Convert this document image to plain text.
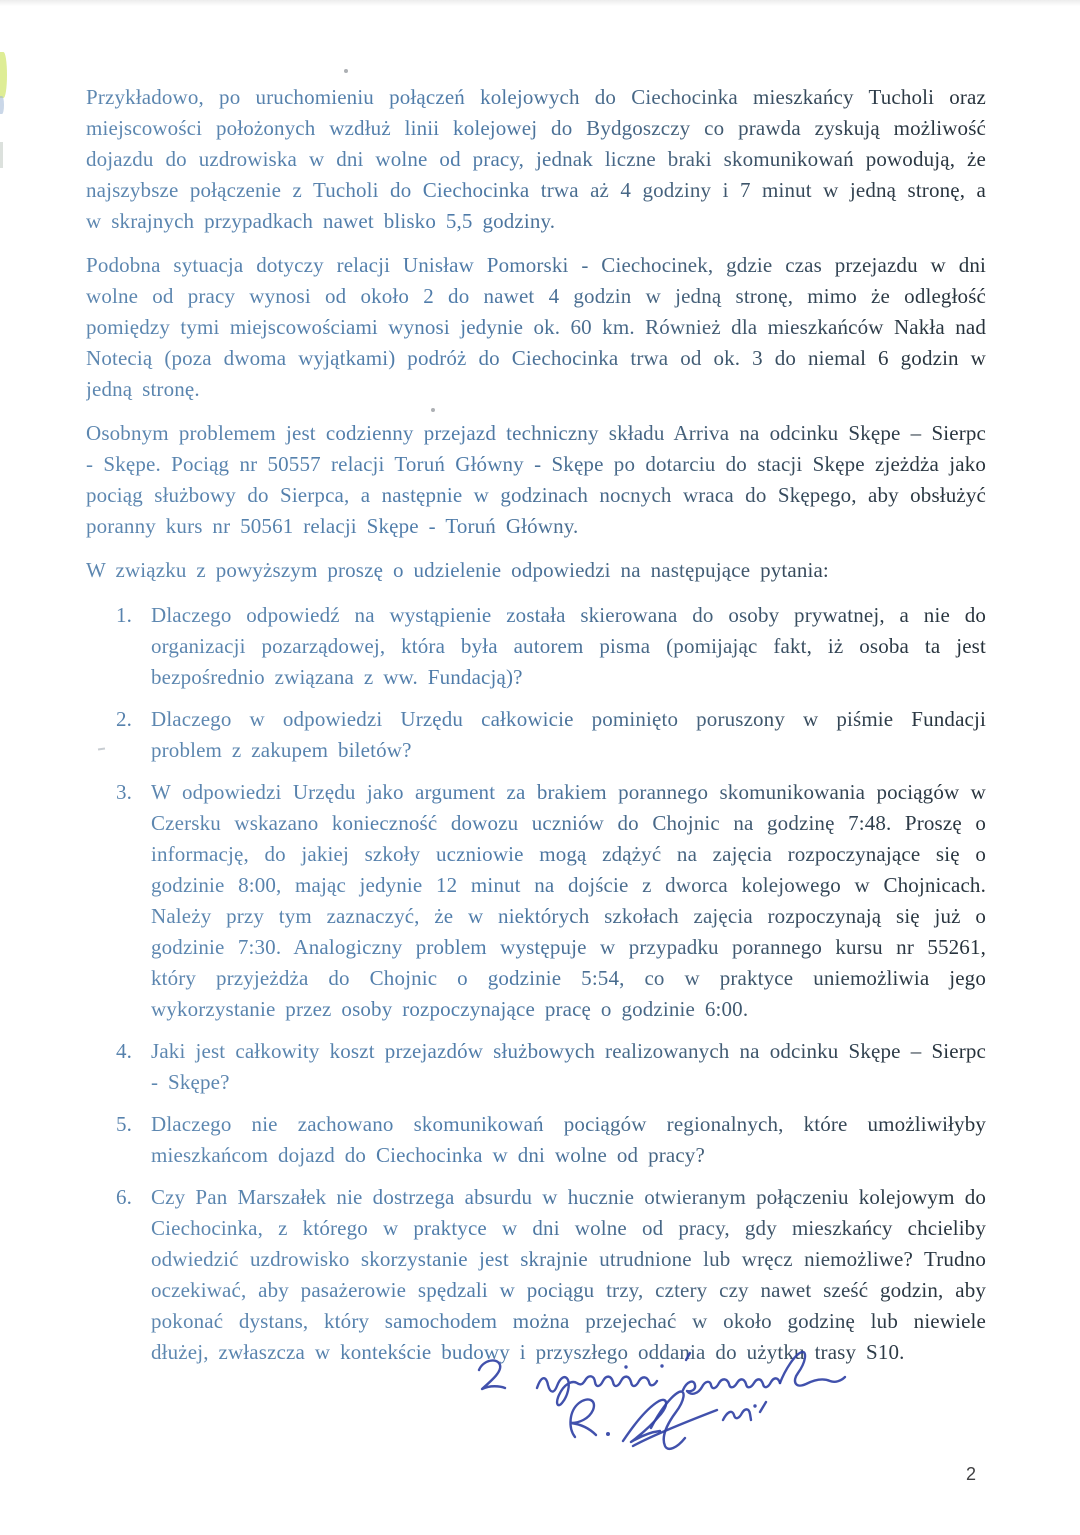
Przykładowo, po uruchomieniu połączeń kolejowych do Ciechocinka mieszkańcy Tucholi oraz miejscowości położonych wzdłuż linii kolejowej do Bydgoszczy co prawda zyskują możliwość dojazdu do uzdrowiska w dni wolne od pracy, jednak liczne braki skomunikowań powodują, że najszybsze połączenie z Tucholi do Ciechocinka trwa aż 4 godziny i 7 minut w jedną stronę, a w skrajnych przypadkach nawet blisko 5,5 godziny.

Podobna sytuacja dotyczy relacji Unisław Pomorski - Ciechocinek, gdzie czas przejazdu w dni wolne od pracy wynosi od około 2 do nawet 4 godzin w jedną stronę, mimo że odległość pomiędzy tymi miejscowościami wynosi jedynie ok. 60 km. Również dla mieszkańców Nakła nad Notecią (poza dwoma wyjątkami) podróż do Ciechocinka trwa od ok. 3 do niemal 6 godzin w jedną stronę.

Osobnym problemem jest codzienny przejazd techniczny składu Arriva na odcinku Skępe – Sierpc - Skępe. Pociąg nr 50557 relacji Toruń Główny - Skępe po dotarciu do stacji Skępe zjeżdża jako pociąg służbowy do Sierpca, a następnie w godzinach nocnych wraca do Skępego, aby obsłużyć poranny kurs nr 50561 relacji Skępe - Toruń Główny.

W związku z powyższym proszę o udzielenie odpowiedzi na następujące pytania:

1. Dlaczego odpowiedź na wystąpienie została skierowana do osoby prywatnej, a nie do organizacji pozarządowej, która była autorem pisma (pomijając fakt, iż osoba ta jest bezpośrednio związana z ww. Fundacją)?
2. Dlaczego w odpowiedzi Urzędu całkowicie pominięto poruszony w piśmie Fundacji problem z zakupem biletów?
3. W odpowiedzi Urzędu jako argument za brakiem porannego skomunikowania pociągów w Czersku wskazano konieczność dowozu uczniów do Chojnic na godzinę 7:48. Proszę o informację, do jakiej szkoły uczniowie mogą zdążyć na zajęcia rozpoczynające się o godzinie 8:00, mając jedynie 12 minut na dojście z dworca kolejowego w Chojnicach. Należy przy tym zaznaczyć, że w niektórych szkołach zajęcia rozpoczynają się już o godzinie 7:30. Analogiczny problem występuje w przypadku porannego kursu nr 55261, który przyjeżdża do Chojnic o godzinie 5:54, co w praktyce uniemożliwia jego wykorzystanie przez osoby rozpoczynające pracę o godzinie 6:00.
4. Jaki jest całkowity koszt przejazdów służbowych realizowanych na odcinku Skępe – Sierpc - Skępe?
5. Dlaczego nie zachowano skomunikowań pociągów regionalnych, które umożliwiłyby mieszkańcom dojazd do Ciechocinka w dni wolne od pracy?
6. Czy Pan Marszałek nie dostrzega absurdu w hucznie otwieranym połączeniu kolejowym do Ciechocinka, z którego w praktyce w dni wolne od pracy, gdy mieszkańcy chcieliby odwiedzić uzdrowisko skorzystanie jest skrajnie utrudnione lub wręcz niemożliwe? Trudno oczekiwać, aby pasażerowie spędzali w pociągu trzy, cztery czy nawet sześć godzin, aby pokonać dystans, który samochodem można przejechać w około godzinę lub niewiele dłużej, zwłaszcza w kontekście budowy i przyszłego oddania do użytku trasy S10.
2
